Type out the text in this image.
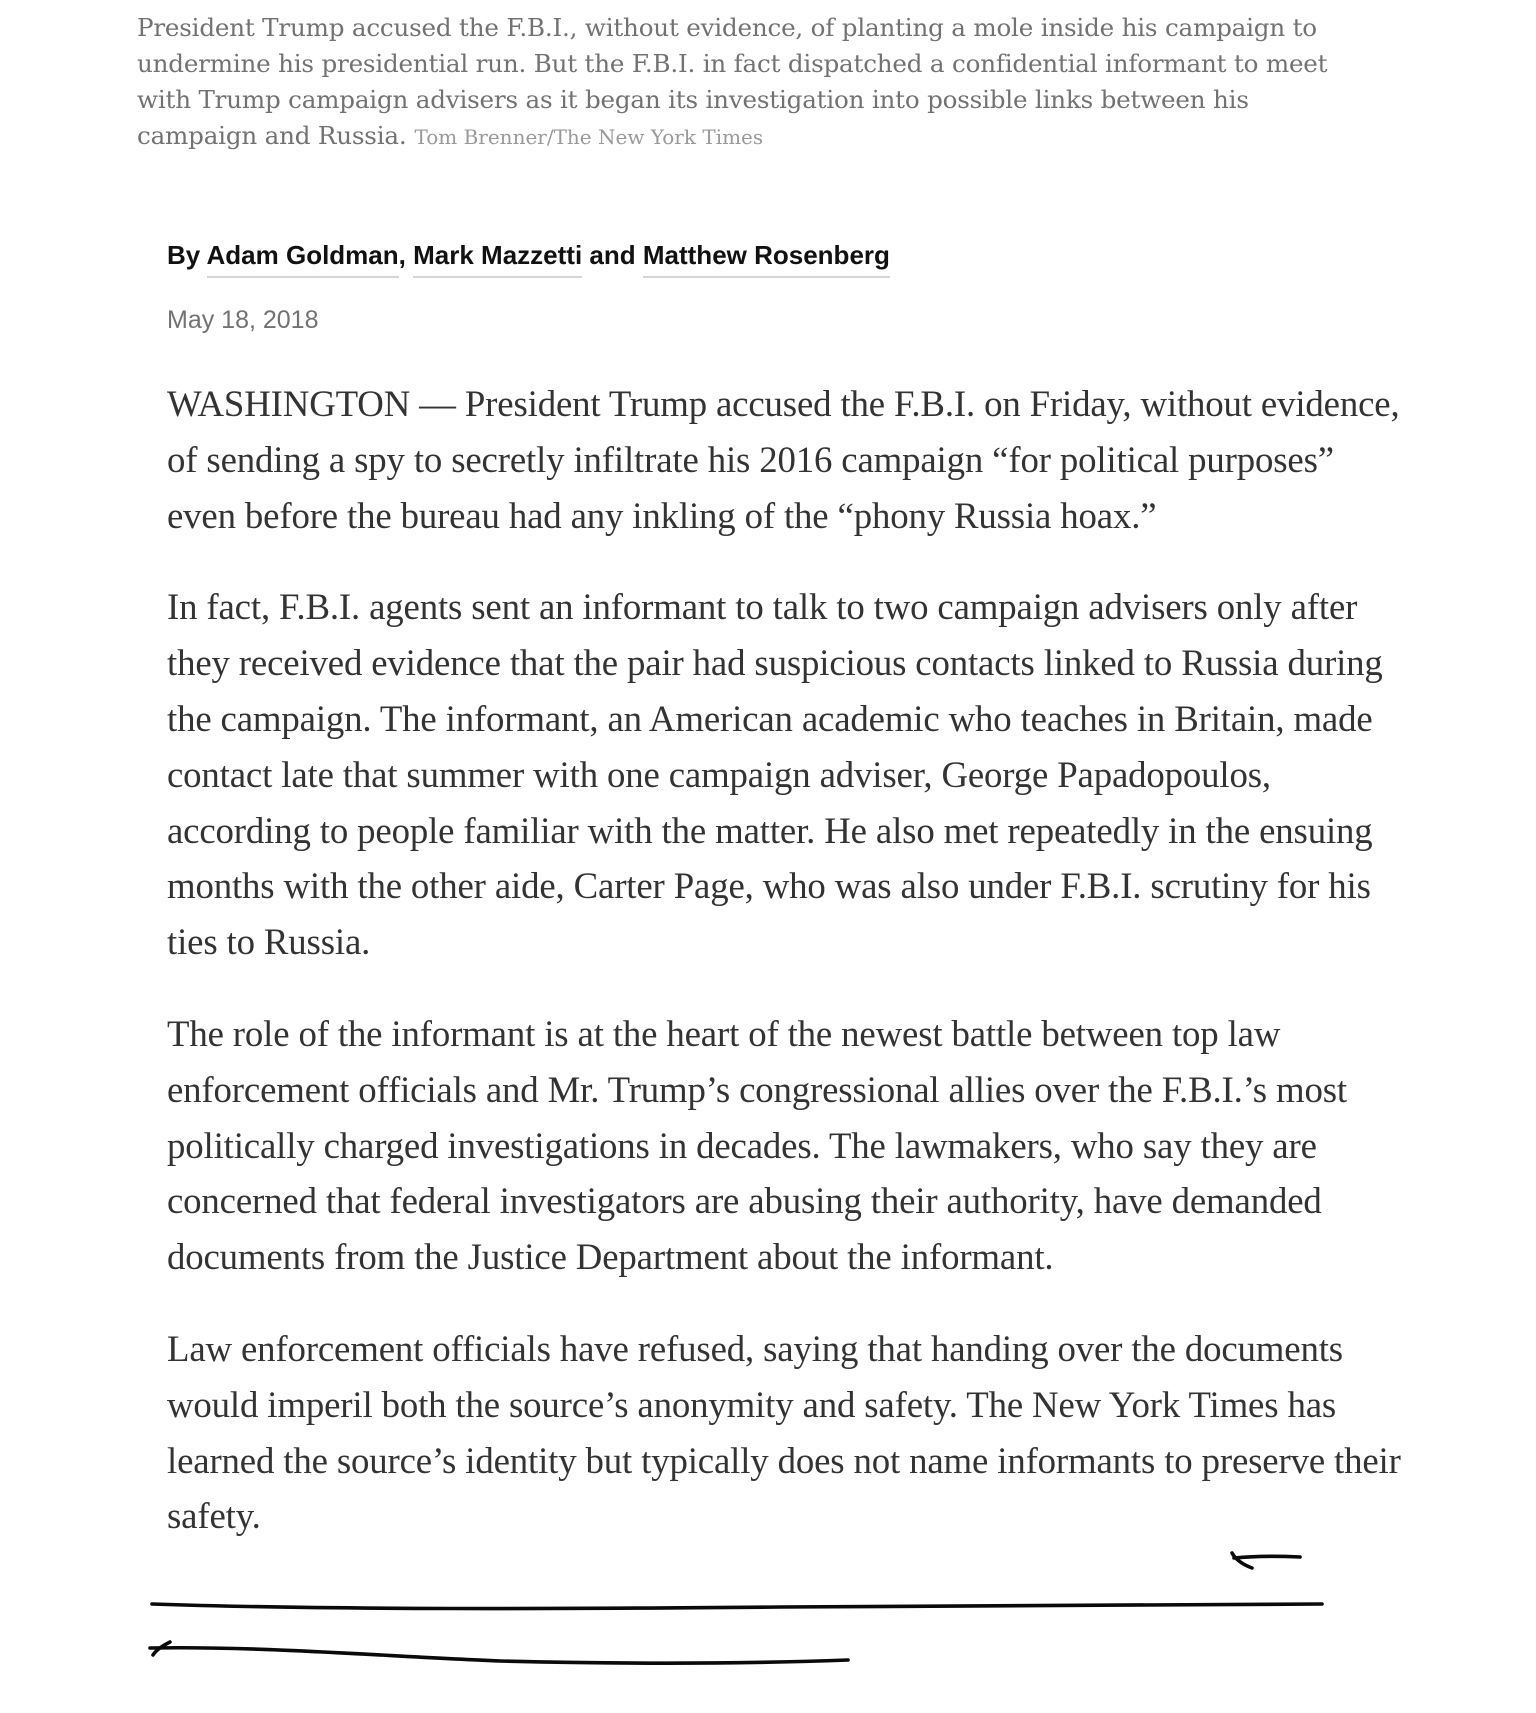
President Trump accused the F.B.I., without evidence, of planting a mole inside his campaign to undermine his presidential run. But the F.B.I. in fact dispatched a confidential informant to meet with Trump campaign advisers as it began its investigation into possible links between his campaign and Russia. Tom Brenner/The New York Times
By Adam Goldman, Mark Mazzetti and Matthew Rosenberg
May 18, 2018

WASHINGTON — President Trump accused the F.B.I. on Friday, without evidence, of sending a spy to secretly infiltrate his 2016 campaign “for political purposes” even before the bureau had any inkling of the “phony Russia hoax.”

In fact, F.B.I. agents sent an informant to talk to two campaign advisers only after they received evidence that the pair had suspicious contacts linked to Russia during the campaign. The informant, an American academic who teaches in Britain, made contact late that summer with one campaign adviser, George Papadopoulos, according to people familiar with the matter. He also met repeatedly in the ensuing months with the other aide, Carter Page, who was also under F.B.I. scrutiny for his ties to Russia.

The role of the informant is at the heart of the newest battle between top law enforcement officials and Mr. Trump’s congressional allies over the F.B.I.’s most politically charged investigations in decades. The lawmakers, who say they are concerned that federal investigators are abusing their authority, have demanded documents from the Justice Department about the informant.

Law enforcement officials have refused, saying that handing over the documents would imperil both the source’s anonymity and safety. The New York Times has learned the source’s identity but typically does not name informants to preserve their safety.
